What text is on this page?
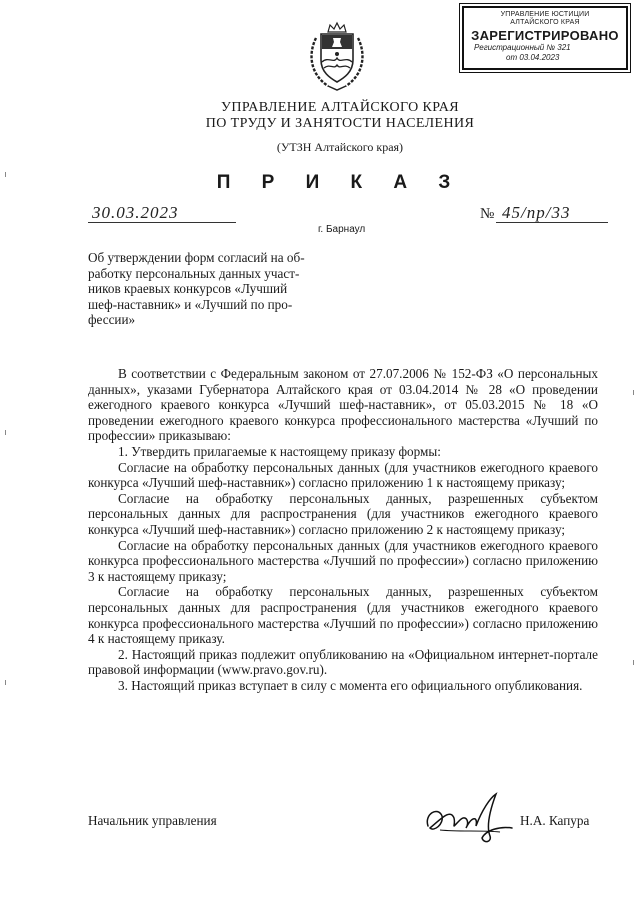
УПРАВЛЕНИЕ ЮСТИЦИИ
АЛТАЙСКОГО КРАЯ
ЗАРЕГИСТРИРОВАНО
Регистрационный № 321
от 03.04.2023
УПРАВЛЕНИЕ АЛТАЙСКОГО КРАЯ
ПО ТРУДУ И ЗАНЯТОСТИ НАСЕЛЕНИЯ
(УТЗН Алтайского края)
П Р И К А З
30.03.2023
г. Барнаул
№ 45/пр/33
Об утверждении форм согласий на об-
работку персональных данных участ-
ников краевых конкурсов «Лучший
шеф-наставник» и «Лучший по про-
фессии»

В соответствии с Федеральным законом от 27.07.2006 № 152-ФЗ «О персональных данных», указами Губернатора Алтайского края от 03.04.2014 № 28 «О проведении ежегодного краевого конкурса «Лучший шеф-наставник», от 05.03.2015 № 18 «О проведении ежегодного краевого конкурса профессионального мастерства «Лучший по профессии» приказываю:

1. Утвердить прилагаемые к настоящему приказу формы:

Согласие на обработку персональных данных (для участников ежегодного краевого конкурса «Лучший шеф-наставник») согласно приложению 1 к настоящему приказу;

Согласие на обработку персональных данных, разрешенных субъектом персональных данных для распространения (для участников ежегодного краевого конкурса «Лучший шеф-наставник») согласно приложению 2 к настоящему приказу;

Согласие на обработку персональных данных (для участников ежегодного краевого конкурса профессионального мастерства «Лучший по профессии») согласно приложению 3 к настоящему приказу;

Согласие на обработку персональных данных, разрешенных субъектом персональных данных для распространения (для участников ежегодного краевого конкурса профессионального мастерства «Лучший по профессии») согласно приложению 4 к настоящему приказу.

2. Настоящий приказ подлежит опубликованию на «Официальном интернет-портале правовой информации (www.pravo.gov.ru).

3. Настоящий приказ вступает в силу с момента его официального опубликования.

Начальник управления	Н.А. Капура
